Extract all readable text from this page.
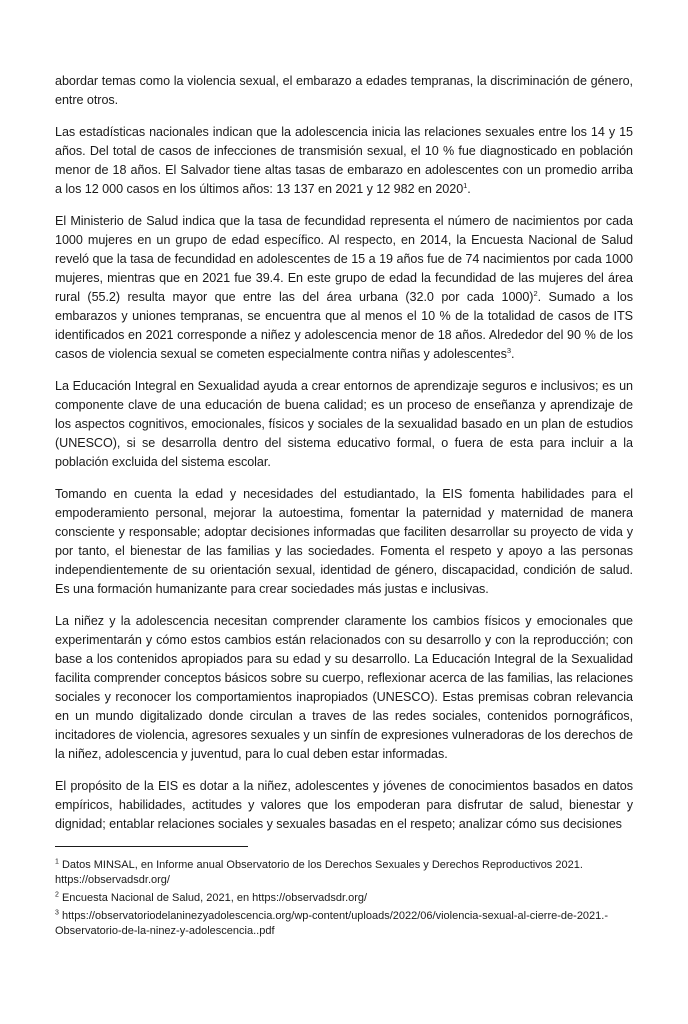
abordar temas como la violencia sexual, el embarazo a edades tempranas, la discriminación de género, entre otros.

Las estadísticas nacionales indican que la adolescencia inicia las relaciones sexuales entre los 14 y 15 años. Del total de casos de infecciones de transmisión sexual, el 10 % fue diagnosticado en población menor de 18 años. El Salvador tiene altas tasas de embarazo en adolescentes con un promedio arriba a los 12 000 casos en los últimos años: 13 137 en 2021 y 12 982 en 2020$^1$.

El Ministerio de Salud indica que la tasa de fecundidad representa el número de nacimientos por cada 1000 mujeres en un grupo de edad específico. Al respecto, en 2014, la Encuesta Nacional de Salud reveló que la tasa de fecundidad en adolescentes de 15 a 19 años fue de 74 nacimientos por cada 1000 mujeres, mientras que en 2021 fue 39.4. En este grupo de edad la fecundidad de las mujeres del área rural (55.2) resulta mayor que entre las del área urbana (32.0 por cada 1000)$^2$. Sumado a los embarazos y uniones tempranas, se encuentra que al menos el 10 % de la totalidad de casos de ITS identificados en 2021 corresponde a niñez y adolescencia menor de 18 años. Alrededor del 90 % de los casos de violencia sexual se cometen especialmente contra niñas y adolescentes$^3$.

La Educación Integral en Sexualidad ayuda a crear entornos de aprendizaje seguros e inclusivos; es un componente clave de una educación de buena calidad; es un proceso de enseñanza y aprendizaje de los aspectos cognitivos, emocionales, físicos y sociales de la sexualidad basado en un plan de estudios (UNESCO), si se desarrolla dentro del sistema educativo formal, o fuera de esta para incluir a la población excluida del sistema escolar.

Tomando en cuenta la edad y necesidades del estudiantado, la EIS fomenta habilidades para el empoderamiento personal, mejorar la autoestima, fomentar la paternidad y maternidad de manera consciente y responsable; adoptar decisiones informadas que faciliten desarrollar su proyecto de vida y por tanto, el bienestar de las familias y las sociedades. Fomenta el respeto y apoyo a las personas independientemente de su orientación sexual, identidad de género, discapacidad, condición de salud. Es una formación humanizante para crear sociedades más justas e inclusivas.

La niñez y la adolescencia necesitan comprender claramente los cambios físicos y emocionales que experimentarán y cómo estos cambios están relacionados con su desarrollo y con la reproducción; con base a los contenidos apropiados para su edad y su desarrollo. La Educación Integral de la Sexualidad facilita comprender conceptos básicos sobre su cuerpo, reflexionar acerca de las familias, las relaciones sociales y reconocer los comportamientos inapropiados (UNESCO). Estas premisas cobran relevancia en un mundo digitalizado donde circulan a traves de las redes sociales, contenidos pornográficos, incitadores de violencia, agresores sexuales y un sinfín de expresiones vulneradoras de los derechos de la niñez, adolescencia y juventud, para lo cual deben estar informadas.

El propósito de la EIS es dotar a la niñez, adolescentes y jóvenes de conocimientos basados en datos empíricos, habilidades, actitudes y valores que los empoderan para disfrutar de salud, bienestar y dignidad; entablar relaciones sociales y sexuales basadas en el respeto; analizar cómo sus decisiones

$^1$ Datos MINSAL, en Informe anual Observatorio de los Derechos Sexuales y Derechos Reproductivos 2021. https://observadsdr.org/

$^2$ Encuesta Nacional de Salud, 2021, en https://observadsdr.org/

$^3$ https://observatoriodelaninezyadolescencia.org/wp-content/uploads/2022/06/violencia-sexual-al-cierre-de-2021.-Observatorio-de-la-ninez-y-adolescencia..pdf
